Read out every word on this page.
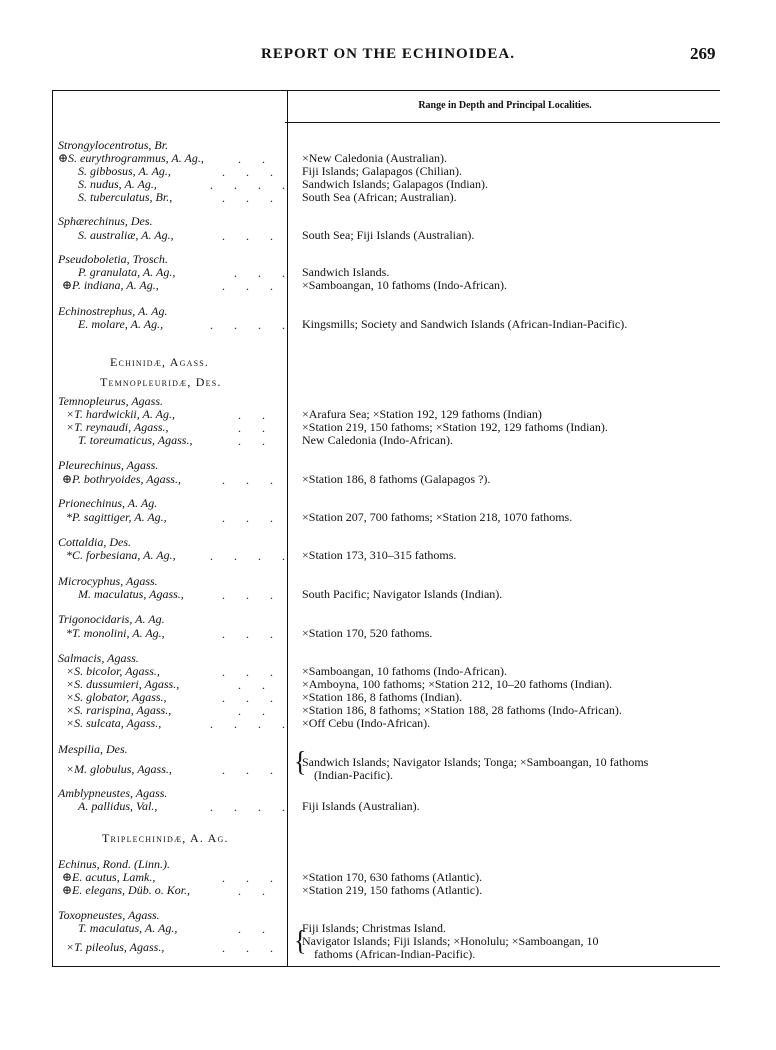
REPORT ON THE ECHINOIDEA.	269
Range in Depth and Principal Localities.
Strongylocentrotus, Br.
⊕S. eurythrogrammus, A. Ag.,	×New Caledonia (Australian).
S. gibbosus, A. Ag.,	Fiji Islands; Galapagos (Chilian).
S. nudus, A. Ag.,	Sandwich Islands; Galapagos (Indian).
S. tuberculatus, Br.,	South Sea (African; Australian).
Sphærechinus, Des.
S. australiæ, A. Ag.,	South Sea; Fiji Islands (Australian).
Pseudoboletia, Trosch.
P. granulata, A. Ag.,	Sandwich Islands.
⊕P. indiana, A. Ag.,	×Samboangan, 10 fathoms (Indo-African).
Echinostrephus, A. Ag.
E. molare, A. Ag.,	Kingsmills; Society and Sandwich Islands (African-Indian-Pacific).
Echinidæ, Agass.
Temnopleuridæ, Des.
Temnopleurus, Agass.
×T. hardwickii, A. Ag.,	×Arafura Sea; ×Station 192, 129 fathoms (Indian)
×T. reynaudi, Agass.,	×Station 219, 150 fathoms; ×Station 192, 129 fathoms (Indian).
T. toreumaticus, Agass.,	New Caledonia (Indo-African).
Pleurechinus, Agass.
⊕P. bothryoides, Agass.,	×Station 186, 8 fathoms (Galapagos ?).
Prionechinus, A. Ag.
*P. sagittiger, A. Ag.,	×Station 207, 700 fathoms; ×Station 218, 1070 fathoms.
Cottaldia, Des.
*C. forbesiana, A. Ag.,	×Station 173, 310–315 fathoms.
Microcyphus, Agass.
M. maculatus, Agass.,	South Pacific; Navigator Islands (Indian).
Trigonocidaris, A. Ag.
*T. monolini, A. Ag.,	×Station 170, 520 fathoms.
Salmacis, Agass.
×S. bicolor, Agass.,	×Samboangan, 10 fathoms (Indo-African).
×S. dussumieri, Agass.,	×Amboyna, 100 fathoms; ×Station 212, 10–20 fathoms (Indian).
×S. globator, Agass.,	×Station 186, 8 fathoms (Indian).
×S. rarispina, Agass.,	×Station 186, 8 fathoms; ×Station 188, 28 fathoms (Indo-African).
×S. sulcata, Agass.,	×Off Cebu (Indo-African).
Mespilia, Des.
×M. globulus, Agass.,	{
Sandwich Islands; Navigator Islands; Tonga; ×Samboangan, 10 fathoms
(Indian-Pacific).
Amblypneustes, Agass.
A. pallidus, Val.,	Fiji Islands (Australian).
Triplechinidæ, A. Ag.
Echinus, Rond. (Linn.).
⊕E. acutus, Lamk.,	×Station 170, 630 fathoms (Atlantic).
⊕E. elegans, Düb. o. Kor.,	×Station 219, 150 fathoms (Atlantic).
Toxopneustes, Agass.
T. maculatus, A. Ag.,	Fiji Islands; Christmas Island.
×T. pileolus, Agass.,	{
Navigator Islands; Fiji Islands; ×Honolulu; ×Samboangan, 10
fathoms (African-Indian-Pacific).
. .
. . .
. . . .
. . .
. . .
. . .
. . .
. . . .
. .
. .
. .
. . .
. . .
. . . .
. . .
. . .
. . .
. .
. . .
. .
. . . .
. . .
. . . .
. . .
. .
. .
. . .
